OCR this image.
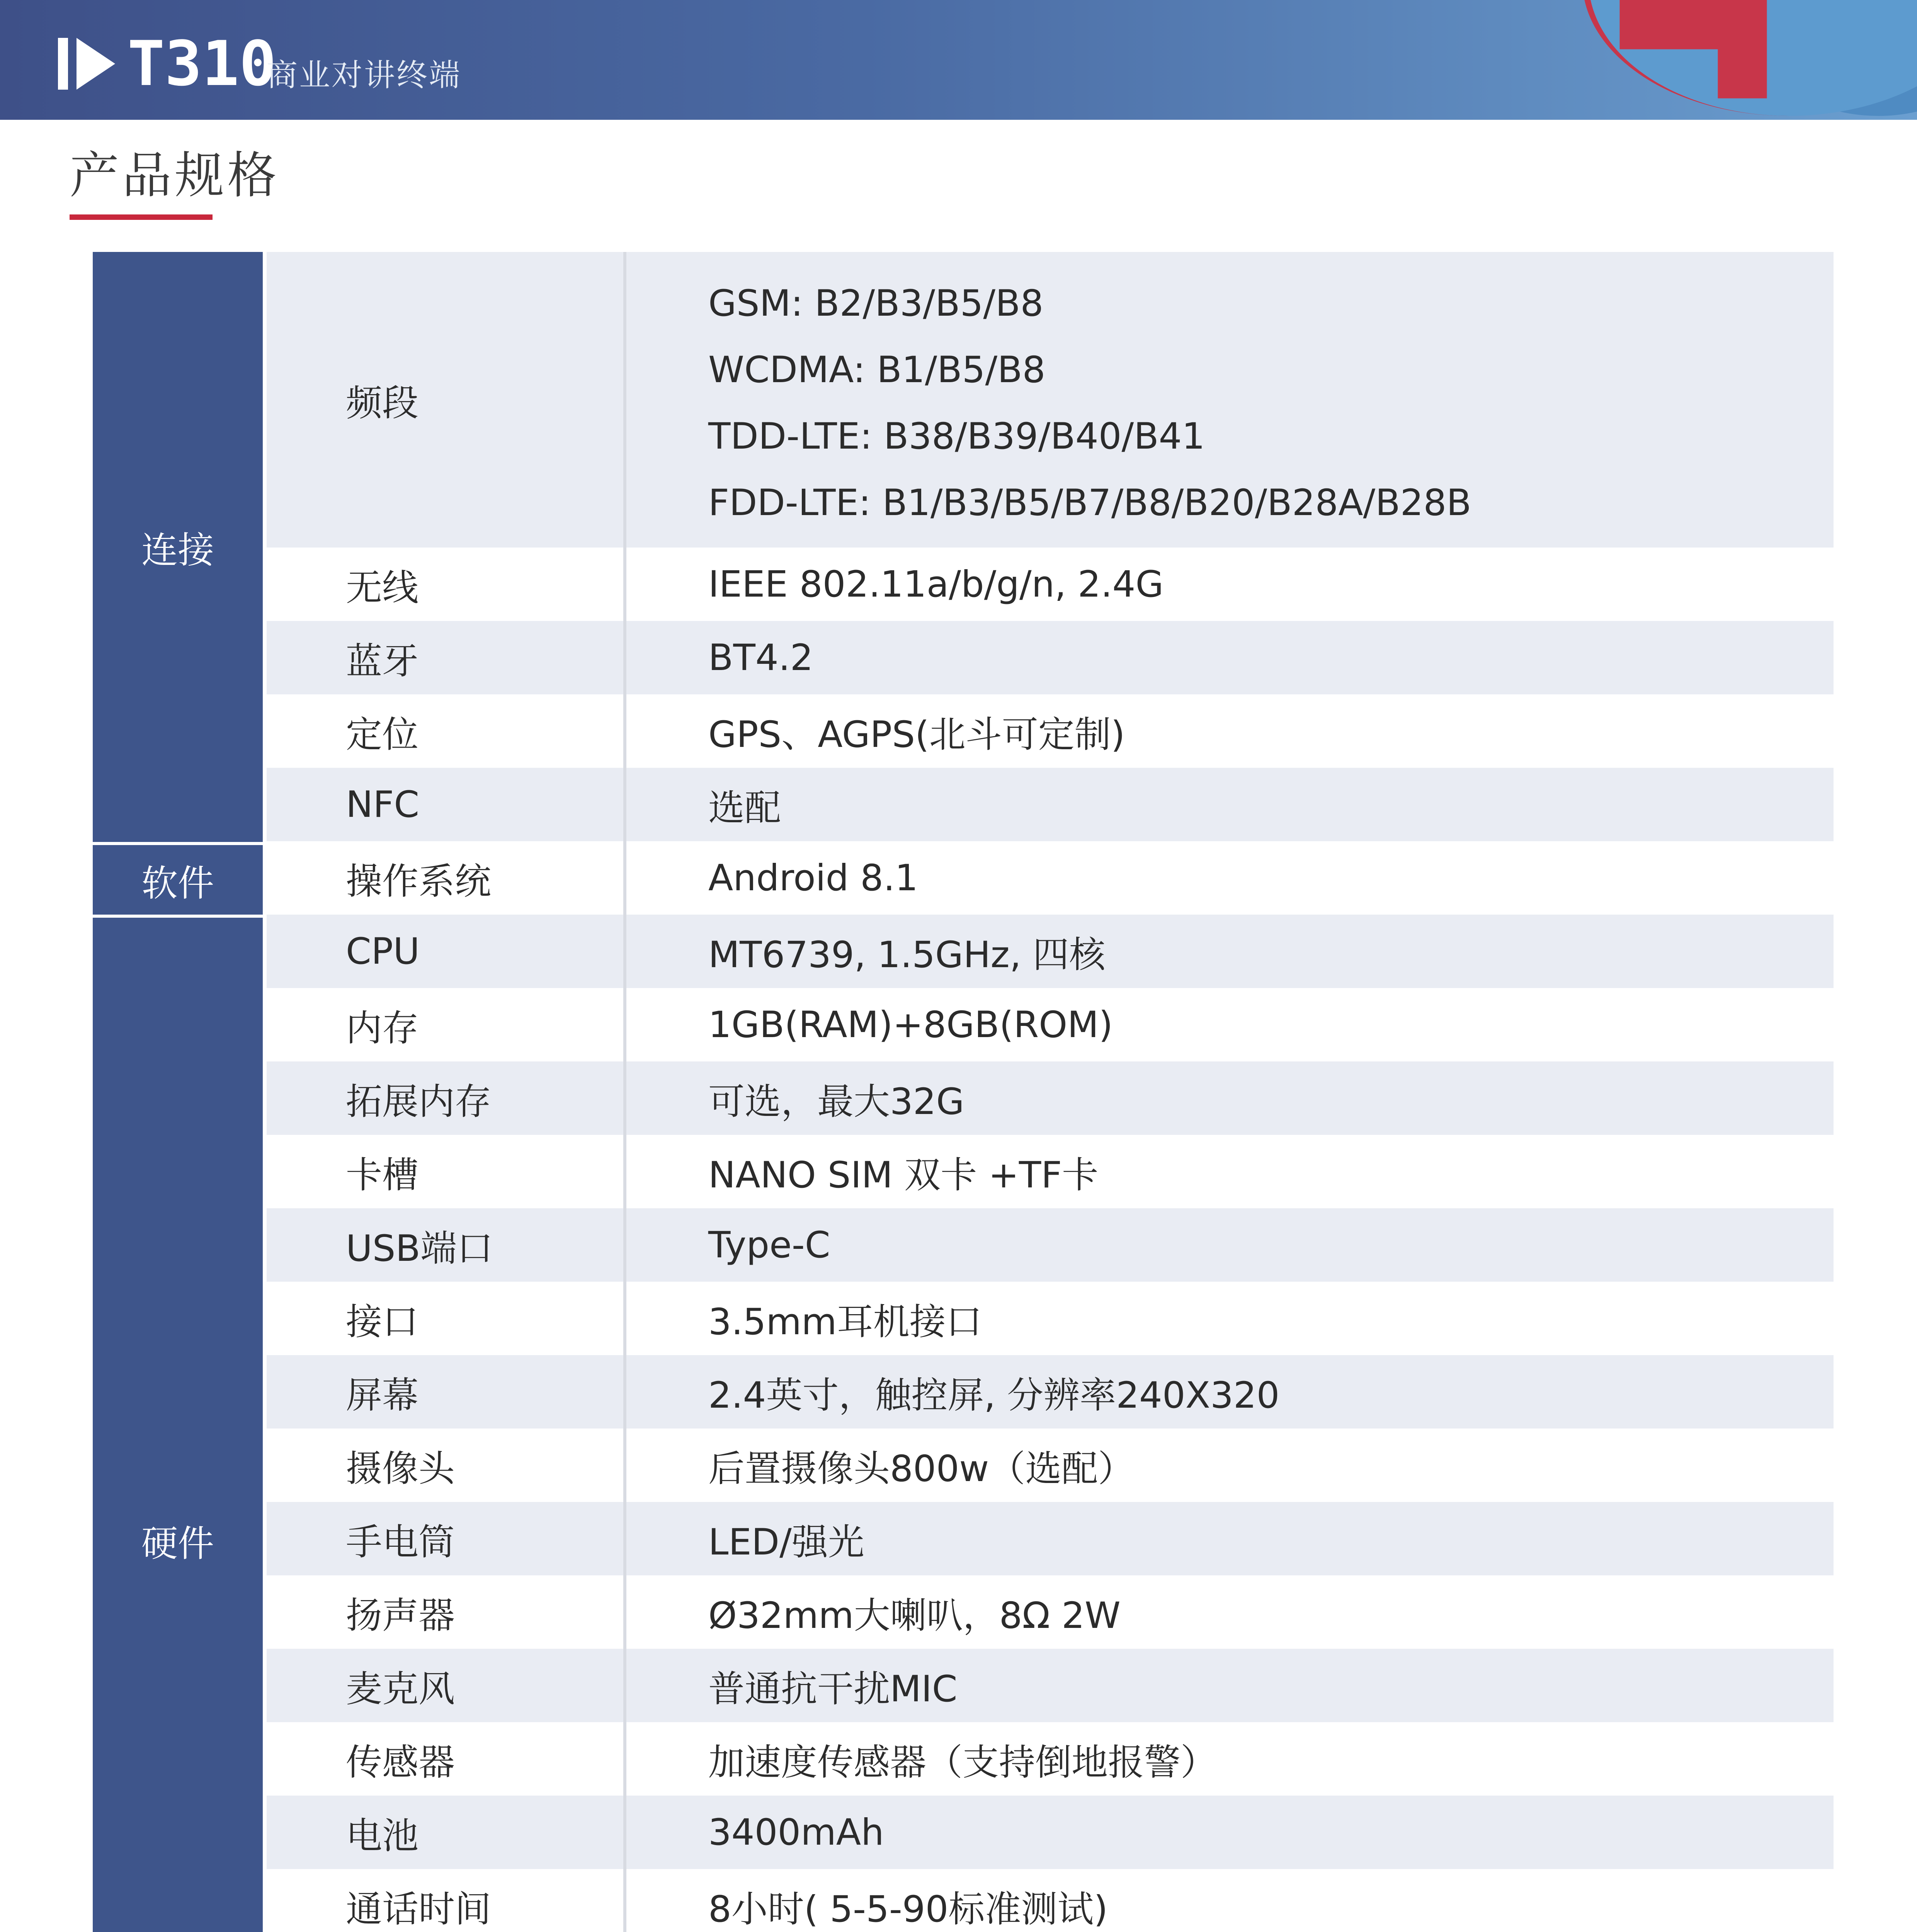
T310
商业对讲终端
产品规格
连接
软件
硬件
频段
无线
蓝牙
定位
NFC
操作系统
CPU
内存
拓展内存
卡槽
USB端口
接口
屏幕
摄像头
手电筒
扬声器
麦克风
传感器
电池
通话时间
GSM: B2/B3/B5/B8
WCDMA: B1/B5/B8
TDD-LTE: B38/B39/B40/B41
FDD-LTE: B1/B3/B5/B7/B8/B20/B28A/B28B
IEEE 802.11a/b/g/n, 2.4G
BT4.2
GPS、AGPS(北斗可定制)
选配
Android 8.1
MT6739, 1.5GHz, 四核
1GB(RAM)+8GB(ROM)
可选，最大32G
NANO SIM 双卡 +TF卡
Type-C
3.5mm耳机接口
2.4英寸，触控屏, 分辨率240X320
后置摄像头800w（选配）
LED/强光
Ø32mm大喇叭，8Ω 2W
普通抗干扰MIC
加速度传感器（支持倒地报警）
3400mAh
8小时( 5-5-90标准测试)
